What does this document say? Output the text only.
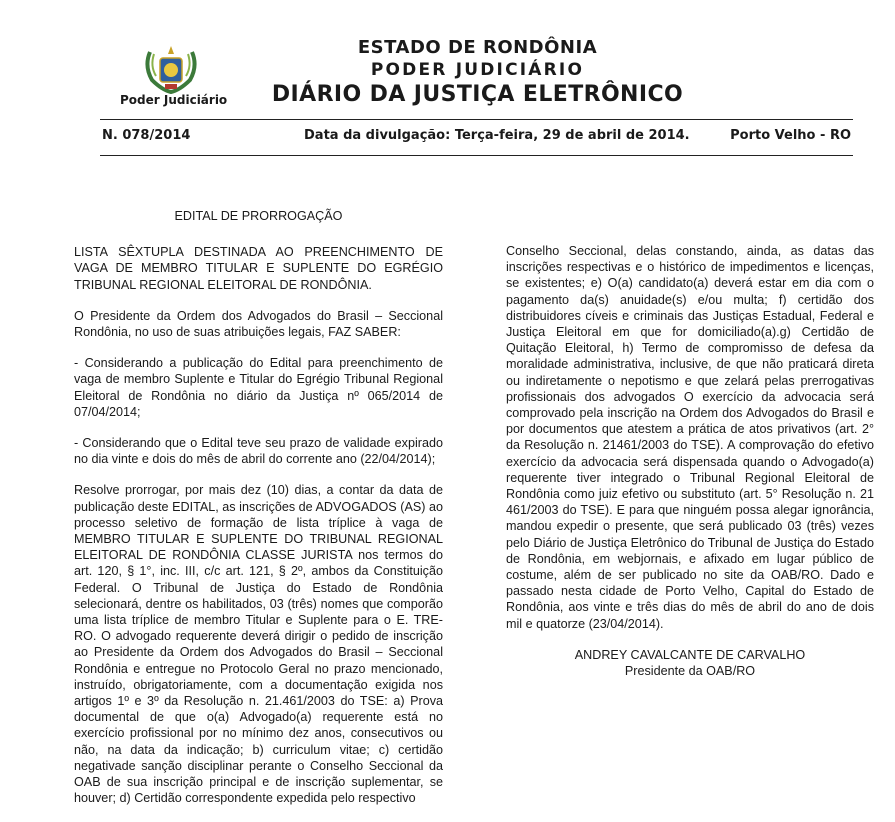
Poder Judiciário
ESTADO DE RONDÔNIA
PODER JUDICIÁRIO
DIÁRIO DA JUSTIÇA ELETRÔNICO
N. 078/2014	Data da divulgação: Terça-feira, 29 de abril de 2014.	Porto Velho - RO
EDITAL DE PRORROGAÇÃO
LISTA SÊXTUPLA DESTINADA AO PREENCHIMENTO DE VAGA DE MEMBRO TITULAR E SUPLENTE DO EGRÉGIO TRIBUNAL REGIONAL ELEITORAL DE RONDÔNIA.
O Presidente da Ordem dos Advogados do Brasil – Seccional Rondônia, no uso de suas atribuições legais, FAZ SABER:
- Considerando a publicação do Edital para preenchimento de vaga de membro Suplente e Titular do Egrégio Tribunal Regional Eleitoral de Rondônia no diário da Justiça nº 065/2014 de 07/04/2014;
- Considerando que o Edital teve seu prazo de validade expirado no dia vinte e dois do mês de abril do corrente ano (22/04/2014);
Resolve prorrogar, por mais dez (10) dias, a contar da data de publicação deste EDITAL, as inscrições de ADVOGADOS (AS) ao processo seletivo de formação de lista tríplice à vaga de MEMBRO TITULAR E SUPLENTE DO TRIBUNAL REGIONAL ELEITORAL DE RONDÔNIA CLASSE JURISTA nos termos do art. 120, § 1°, inc. III, c/c art. 121, § 2º, ambos da Constituição Federal. O Tribunal de Justiça do Estado de Rondônia selecionará, dentre os habilitados, 03 (três) nomes que comporão uma lista tríplice de membro Titular e Suplente para o E. TRE-RO. O advogado requerente deverá dirigir o pedido de inscrição ao Presidente da Ordem dos Advogados do Brasil – Seccional Rondônia e entregue no Protocolo Geral no prazo mencionado, instruído, obrigatoriamente, com a documentação exigida nos artigos 1º e 3º da Resolução n. 21.461/2003 do TSE: a) Prova documental de que o(a) Advogado(a) requerente está no exercício profissional por no mínimo dez anos, consecutivos ou não, na data da indicação; b) curriculum vitae; c) certidão negativade sanção disciplinar perante o Conselho Seccional da OAB de sua inscrição principal e de inscrição suplementar, se houver; d) Certidão correspondente expedida pelo respectivo
Conselho Seccional, delas constando, ainda, as datas das inscrições respectivas e o histórico de impedimentos e licenças, se existentes; e) O(a) candidato(a) deverá estar em dia com o pagamento da(s) anuidade(s) e/ou multa; f) certidão dos distribuidores cíveis e criminais das Justiças Estadual, Federal e Justiça Eleitoral em que for domiciliado(a).g) Certidão de Quitação Eleitoral, h) Termo de compromisso de defesa da moralidade administrativa, inclusive, de que não praticará direta ou indiretamente o nepotismo e que zelará pelas prerrogativas profissionais dos advogados O exercício da advocacia será comprovado pela inscrição na Ordem dos Advogados do Brasil e por documentos que atestem a prática de atos privativos (art. 2° da Resolução n. 21461/2003 do TSE). A comprovação do efetivo exercício da advocacia será dispensada quando o Advogado(a) requerente tiver integrado o Tribunal Regional Eleitoral de Rondônia como juiz efetivo ou substituto (art. 5° Resolução n. 21 461/2003 do TSE). E para que ninguém possa alegar ignorância, mandou expedir o presente, que será publicado 03 (três) vezes pelo Diário de Justiça Eletrônico do Tribunal de Justiça do Estado de Rondônia, em webjornais, e afixado em lugar público de costume, além de ser publicado no site da OAB/RO. Dado e passado nesta cidade de Porto Velho, Capital do Estado de Rondônia, aos vinte e três dias do mês de abril do ano de dois mil e quatorze (23/04/2014).
ANDREY CAVALCANTE DE CARVALHO
Presidente da OAB/RO
